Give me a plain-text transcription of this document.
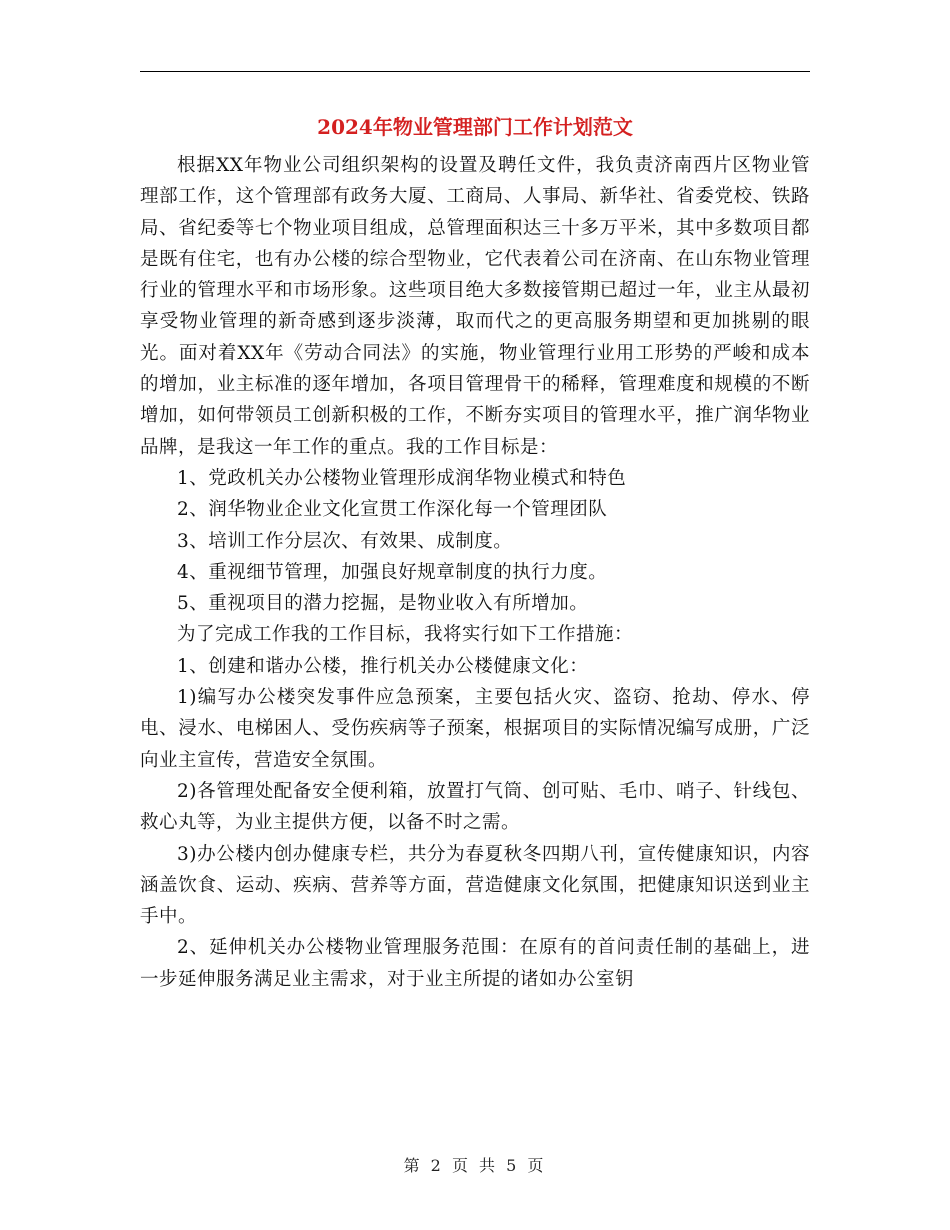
2024年物业管理部门工作计划范文

根据XX年物业公司组织架构的设置及聘任文件，我负责济南西片区物业管理部工作，这个管理部有政务大厦、工商局、人事局、新华社、省委党校、铁路局、省纪委等七个物业项目组成，总管理面积达三十多万平米，其中多数项目都是既有住宅，也有办公楼的综合型物业，它代表着公司在济南、在山东物业管理行业的管理水平和市场形象。这些项目绝大多数接管期已超过一年，业主从最初享受物业管理的新奇感到逐步淡薄，取而代之的更高服务期望和更加挑剔的眼光。面对着XX年《劳动合同法》的实施，物业管理行业用工形势的严峻和成本的增加，业主标准的逐年增加，各项目管理骨干的稀释，管理难度和规模的不断增加，如何带领员工创新积极的工作，不断夯实项目的管理水平，推广润华物业品牌，是我这一年工作的重点。我的工作目标是：

1、党政机关办公楼物业管理形成润华物业模式和特色

2、润华物业企业文化宣贯工作深化每一个管理团队

3、培训工作分层次、有效果、成制度。

4、重视细节管理，加强良好规章制度的执行力度。

5、重视项目的潜力挖掘，是物业收入有所增加。

为了完成工作我的工作目标，我将实行如下工作措施：

1、创建和谐办公楼，推行机关办公楼健康文化：

1)编写办公楼突发事件应急预案，主要包括火灾、盗窃、抢劫、停水、停电、浸水、电梯困人、受伤疾病等子预案，根据项目的实际情况编写成册，广泛向业主宣传，营造安全氛围。

2)各管理处配备安全便利箱，放置打气筒、创可贴、毛巾、哨子、针线包、救心丸等，为业主提供方便，以备不时之需。

3)办公楼内创办健康专栏，共分为春夏秋冬四期八刊，宣传健康知识，内容涵盖饮食、运动、疾病、营养等方面，营造健康文化氛围，把健康知识送到业主手中。

2、延伸机关办公楼物业管理服务范围：在原有的首问责任制的基础上，进一步延伸服务满足业主需求，对于业主所提的诸如办公室钥

第 2 页 共 5 页
